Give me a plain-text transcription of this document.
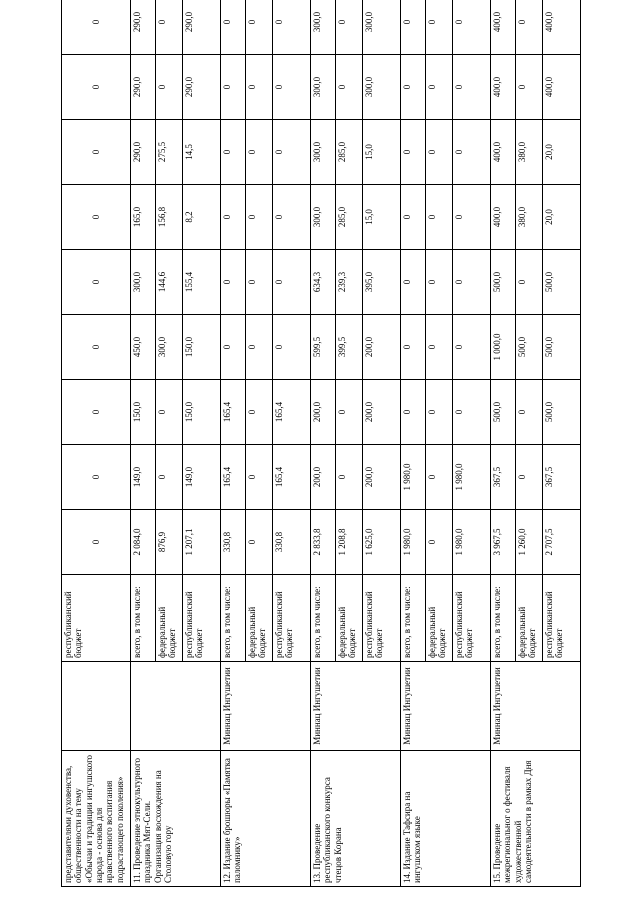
представителями духовенства, общественности на тему «Обычаи и традиции ингушского народа - основа для нравственного воспитания подрастающего поколения»		республиканский бюджет	0	0	0	0	0	0	0	0	0
11. Проведение этнокультурного праздника Мят-Сели. Организация восхождения на Столовую гору		всего, в том числе:	2 084,0	149,0	150,0	450,0	300,0	165,0	290,0	290,0	290,0
		федеральный бюджет	876,9	0	0	300,0	144,6	156,8	275,5	0	0
		республиканский бюджет	1 207,1	149,0	150,0	150,0	155,4	8,2	14,5	290,0	290,0
12. Издание брошюры «Памятка паломнику»	Миннац Ингушетии	всего, в том числе:	330,8	165,4	165,4	0	0	0	0	0	0
		федеральный бюджет	0	0	0	0	0	0	0	0	0
		республиканский бюджет	330,8	165,4	165,4	0	0	0	0	0	0
13. Проведение республиканского конкурса чтецов Корана	Миннац Ингушетии	всего, в том числе:	2 833,8	200,0	200,0	599,5	634,3	300,0	300,0	300,0	300,0
		федеральный бюджет	1 208,8	0	0	399,5	239,3	285,0	285,0	0	0
		республиканский бюджет	1 625,0	200,0	200,0	200,0	395,0	15,0	15,0	300,0	300,0
14. Издание Тафсира на ингушском языке	Миннац Ингушетии	всего, в том числе:	1 980,0	1 980,0	0	0	0	0	0	0	0
		федеральный бюджет	0	0	0	0	0	0	0	0	0
		республиканский бюджет	1 980,0	1 980,0	0	0	0	0	0	0	0
15. Проведение межрегиональног о фестиваля художественной самодеятельности в рамках Дня	Миннац Ингушетии	всего, в том числе:	3 967,5	367,5	500,0	1 000,0	500,0	400,0	400,0	400,0	400,0
		федеральный бюджет	1 260,0	0	0	500,0	0	380,0	380,0	0	0
		республиканский бюджет	2 707,5	367,5	500,0	500,0	500,0	20,0	20,0	400,0	400,0
